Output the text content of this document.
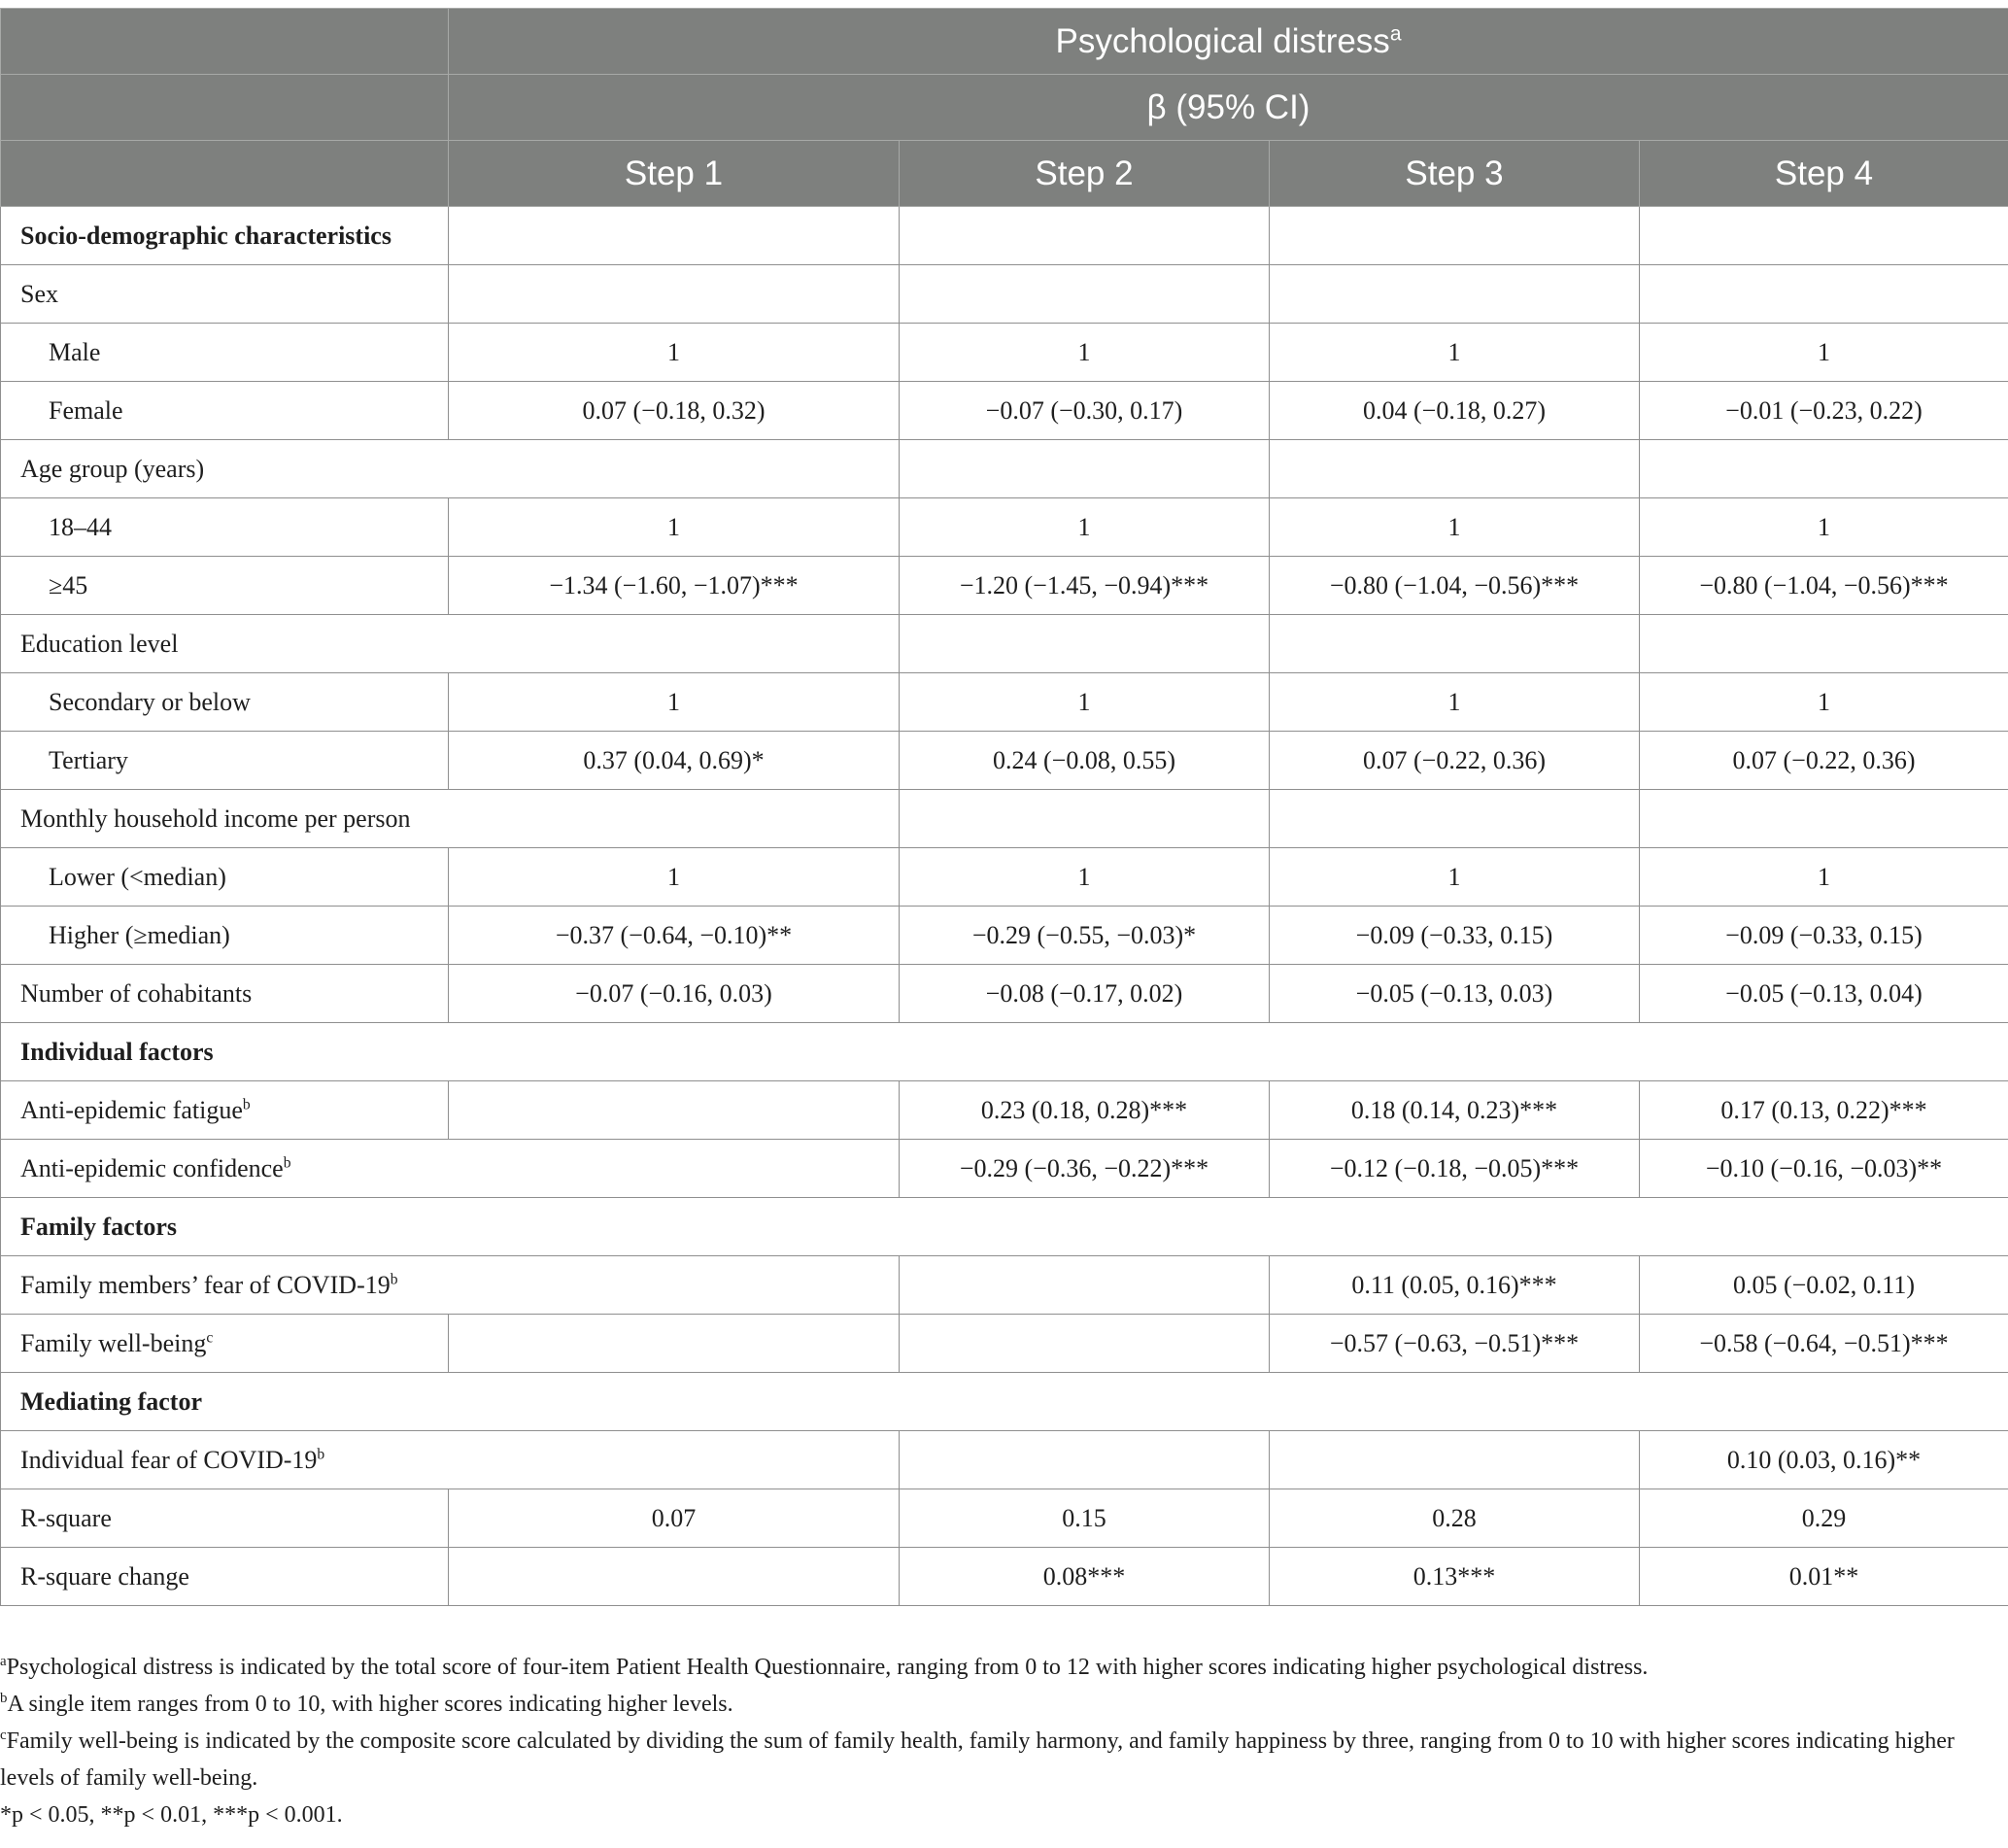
	Psychological distress$^a$
	β (95% CI)			
	Step 1	Step 2	Step 3	Step 4
Socio-demographic characteristics				
Sex				
Male	1	1	1	1
Female	0.07 (−0.18, 0.32)	−0.07 (−0.30, 0.17)	0.04 (−0.18, 0.27)	−0.01 (−0.23, 0.22)
Age group (years)				
18–44	1	1	1	1
≥45	−1.34 (−1.60, −1.07)***	−1.20 (−1.45, −0.94)***	−0.80 (−1.04, −0.56)***	−0.80 (−1.04, −0.56)***
Education level				
Secondary or below	1	1	1	1
Tertiary	0.37 (0.04, 0.69)*	0.24 (−0.08, 0.55)	0.07 (−0.22, 0.36)	0.07 (−0.22, 0.36)
Monthly household income per person				
Lower (<median)	1	1	1	1
Higher (≥median)	−0.37 (−0.64, −0.10)**	−0.29 (−0.55, −0.03)*	−0.09 (−0.33, 0.15)	−0.09 (−0.33, 0.15)
Number of cohabitants	−0.07 (−0.16, 0.03)	−0.08 (−0.17, 0.02)	−0.05 (−0.13, 0.03)	−0.05 (−0.13, 0.04)
Individual factors				
Anti-epidemic fatigue$^b$		0.23 (0.18, 0.28)***	0.18 (0.14, 0.23)***	0.17 (0.13, 0.22)***
Anti-epidemic confidence$^b$		−0.29 (−0.36, −0.22)***	−0.12 (−0.18, −0.05)***	−0.10 (−0.16, −0.03)**
Family factors				
Family members’ fear of COVID-19$^b$			0.11 (0.05, 0.16)***	0.05 (−0.02, 0.11)
Family well-being$^c$			−0.57 (−0.63, −0.51)***	−0.58 (−0.64, −0.51)***
Mediating factor				
Individual fear of COVID-19$^b$				0.10 (0.03, 0.16)**
R-square	0.07	0.15	0.28	0.29
R-square change		0.08***	0.13***	0.01**

$^a$Psychological distress is indicated by the total score of four-item Patient Health Questionnaire, ranging from 0 to 12 with higher scores indicating higher psychological distress.

$^b$A single item ranges from 0 to 10, with higher scores indicating higher levels.

$^c$Family well-being is indicated by the composite score calculated by dividing the sum of family health, family harmony, and family happiness by three, ranging from 0 to 10 with higher scores indicating higher levels of family well-being.

*p < 0.05, **p < 0.01, ***p < 0.001.
